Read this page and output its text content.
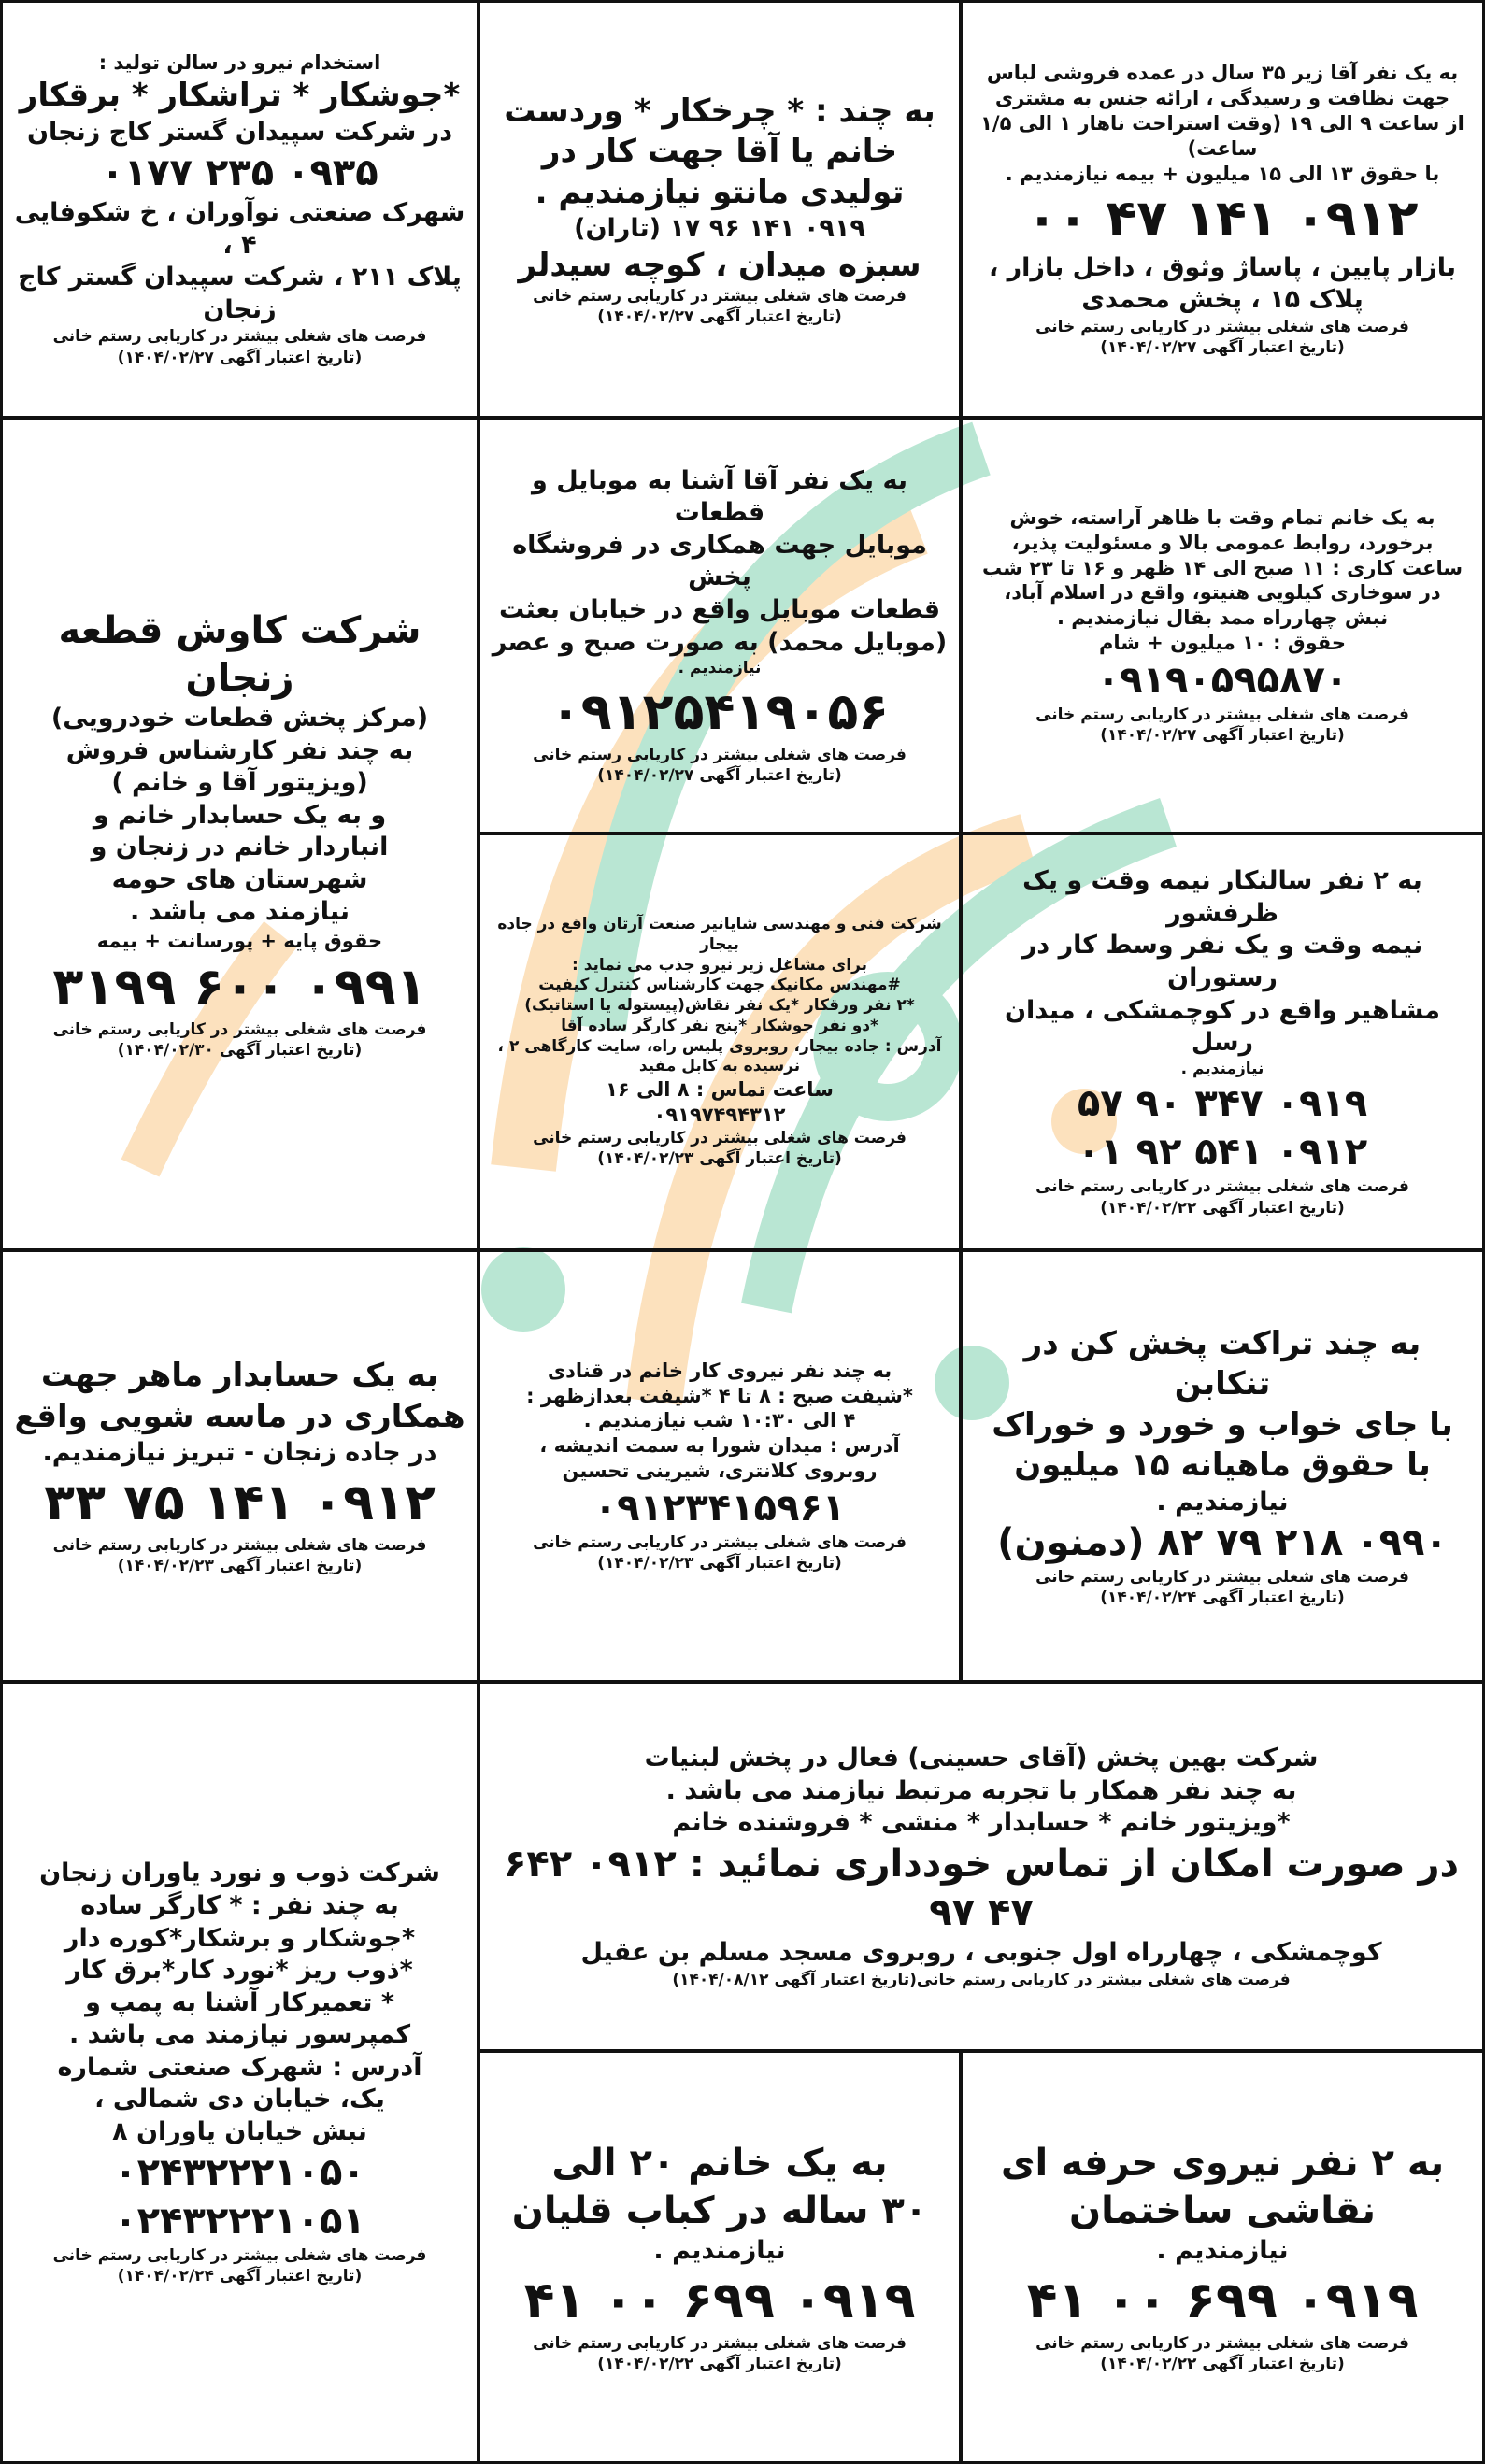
به یک نفر آقا زیر ۳۵ سال در عمده فروشی لباس
جهت نظافت و رسیدگی ، ارائه جنس به مشتری
از ساعت ۹ الی ۱۹ (وقت استراحت ناهار ۱ الی ۱/۵ ساعت)
با حقوق ۱۳ الی ۱۵ میلیون + بیمه نیازمندیم .
۰۹۱۲ ۱۴۱ ۴۷ ۰۰
بازار پایین ، پاساژ وثوق ، داخل بازار ،
پلاک ۱۵ ، پخش محمدی
فرصت های شغلی بیشتر در کاریابی رستم خانی
(تاریخ اعتبار آگهی ۱۴۰۴/۰۲/۲۷)
به چند : * چرخکار * وردست
خانم یا آقا جهت کار در
تولیدی مانتو نیازمندیم .
۰۹۱۹ ۱۴۱ ۹۶ ۱۷ (تاران)
سبزه میدان ، کوچه سیدلر
فرصت های شغلی بیشتر در کاریابی رستم خانی
(تاریخ اعتبار آگهی ۱۴۰۴/۰۲/۲۷)
استخدام نیرو در سالن تولید :
*جوشکار * تراشکار * برقکار
در شرکت سپیدان گستر کاج زنجان
۰۹۳۵ ۲۳۵ ۰۱۷۷
شهرک صنعتی نوآوران ، خ شکوفایی ۴ ،
پلاک ۲۱۱ ، شرکت سپیدان گستر کاج زنجان
فرصت های شغلی بیشتر در کاریابی رستم خانی
(تاریخ اعتبار آگهی ۱۴۰۴/۰۲/۲۷)
به یک خانم تمام وقت با ظاهر آراسته، خوش
برخورد، روابط عمومی بالا و مسئولیت پذیر،
ساعت کاری : ۱۱ صبح الی ۱۴ ظهر و ۱۶ تا ۲۳ شب
در سوخاری کیلویی هنیتو، واقع در اسلام آباد،
نبش چهارراه ممد بقال نیازمندیم .
حقوق : ۱۰ میلیون + شام
۰۹۱۹۰۵۹۵۸۷۰
فرصت های شغلی بیشتر در کاریابی رستم خانی
(تاریخ اعتبار آگهی ۱۴۰۴/۰۲/۲۷)
به یک نفر آقا آشنا به موبایل و قطعات
موبایل جهت همکاری در فروشگاه پخش
قطعات موبایل واقع در خیابان بعثت
(موبایل محمد) به صورت صبح و عصر
نیازمندیم .
۰۹۱۲۵۴۱۹۰۵۶
فرصت های شغلی بیشتر در کاریابی رستم خانی
(تاریخ اعتبار آگهی ۱۴۰۴/۰۲/۲۷)
شرکت کاوش قطعه زنجان
(مرکز پخش قطعات خودرویی)
به چند نفر کارشناس فروش
(ویزیتور آقا و خانم )
و به یک حسابدار خانم و
انباردار خانم در زنجان و
شهرستان های حومه
نیازمند می باشد .
حقوق پایه + پورسانت + بیمه
۰۹۹۱ ۶۰۰ ۳۱۹۹
فرصت های شغلی بیشتر در کاریابی رستم خانی
(تاریخ اعتبار آگهی ۱۴۰۴/۰۲/۳۰)
به ۲ نفر سالنکار نیمه وقت و یک ظرفشور
نیمه وقت و یک نفر وسط کار در رستوران
مشاهیر واقع در کوچمشکی ، میدان رسل
نیازمندیم .
۰۹۱۹ ۳۴۷ ۹۰ ۵۷
۰۹۱۲ ۵۴۱ ۹۲ ۰۱
فرصت های شغلی بیشتر در کاریابی رستم خانی
(تاریخ اعتبار آگهی ۱۴۰۴/۰۲/۲۲)
شرکت فنی و مهندسی شایانیر صنعت آرتان واقع در جاده بیجار
برای مشاغل زیر نیرو جذب می نماید :
#مهندس مکانیک جهت کارشناس کنترل کیفیت
*۲ نفر ورقکار *یک نفر نقاش(پیستوله یا استاتیک)
*دو نفر جوشکار *پنج نفر کارگر ساده آقا
آدرس : جاده بیجار، روبروی پلیس راه، سایت کارگاهی ۲ ،
نرسیده به کابل مفید
ساعت تماس : ۸ الی ۱۶
۰۹۱۹۷۴۹۴۳۱۲
فرصت های شغلی بیشتر در کاریابی رستم خانی
(تاریخ اعتبار آگهی ۱۴۰۴/۰۲/۲۳)
به چند تراکت پخش کن در تنکابن
با جای خواب و خورد و خوراک
با حقوق ماهیانه ۱۵ میلیون
نیازمندیم .
۰۹۹۰ ۲۱۸ ۷۹ ۸۲ (دمنون)
فرصت های شغلی بیشتر در کاریابی رستم خانی
(تاریخ اعتبار آگهی ۱۴۰۴/۰۲/۲۴)
به چند نفر نیروی کار خانم در قنادی
*شیفت صبح : ۸ تا ۴ *شیفت بعدازظهر :
۴ الی ۱۰:۳۰ شب نیازمندیم .
آدرس : میدان شورا به سمت اندیشه ،
روبروی کلانتری، شیرینی تحسین
۰۹۱۲۳۴۱۵۹۶۱
فرصت های شغلی بیشتر در کاریابی رستم خانی
(تاریخ اعتبار آگهی ۱۴۰۴/۰۲/۲۳)
به یک حسابدار ماهر جهت
همکاری در ماسه شویی واقع
در جاده زنجان - تبریز نیازمندیم.
۰۹۱۲ ۱۴۱ ۷۵ ۳۳
فرصت های شغلی بیشتر در کاریابی رستم خانی
(تاریخ اعتبار آگهی ۱۴۰۴/۰۲/۲۳)
شرکت بهین پخش (آقای حسینی) فعال در پخش لبنیات
به چند نفر همکار با تجربه مرتبط نیازمند می باشد .
*ویزیتور خانم * حسابدار * منشی * فروشنده خانم
در صورت امکان از تماس خودداری نمائید : ۰۹۱۲ ۶۴۲ ۴۷ ۹۷
کوچمشکی ، چهارراه اول جنوبی ، روبروی مسجد مسلم بن عقیل
فرصت های شغلی بیشتر در کاریابی رستم خانی(تاریخ اعتبار آگهی ۱۴۰۴/۰۸/۱۲)
شرکت ذوب و نورد یاوران زنجان
به چند نفر : * کارگر ساده
*جوشکار و برشکار*کوره دار
*ذوب ریز *نورد کار*برق کار
* تعمیرکار آشنا به پمپ و
کمپرسور نیازمند می باشد .
آدرس : شهرک صنعتی شماره
یک، خیابان دی شمالی ،
نبش خیابان یاوران ۸
۰۲۴۳۲۲۲۱۰۵۰
۰۲۴۳۲۲۲۱۰۵۱
فرصت های شغلی بیشتر در کاریابی رستم خانی
(تاریخ اعتبار آگهی ۱۴۰۴/۰۲/۲۴)
به یک خانم ۲۰ الی
۳۰ ساله در کباب قلیان
نیازمندیم .
۰۹۱۹ ۶۹۹ ۰۰ ۴۱
فرصت های شغلی بیشتر در کاریابی رستم خانی
(تاریخ اعتبار آگهی ۱۴۰۴/۰۲/۲۲)
به ۲ نفر نیروی حرفه ای
نقاشی ساختمان
نیازمندیم .
۰۹۱۹ ۶۹۹ ۰۰ ۴۱
فرصت های شغلی بیشتر در کاریابی رستم خانی
(تاریخ اعتبار آگهی ۱۴۰۴/۰۲/۲۲)
